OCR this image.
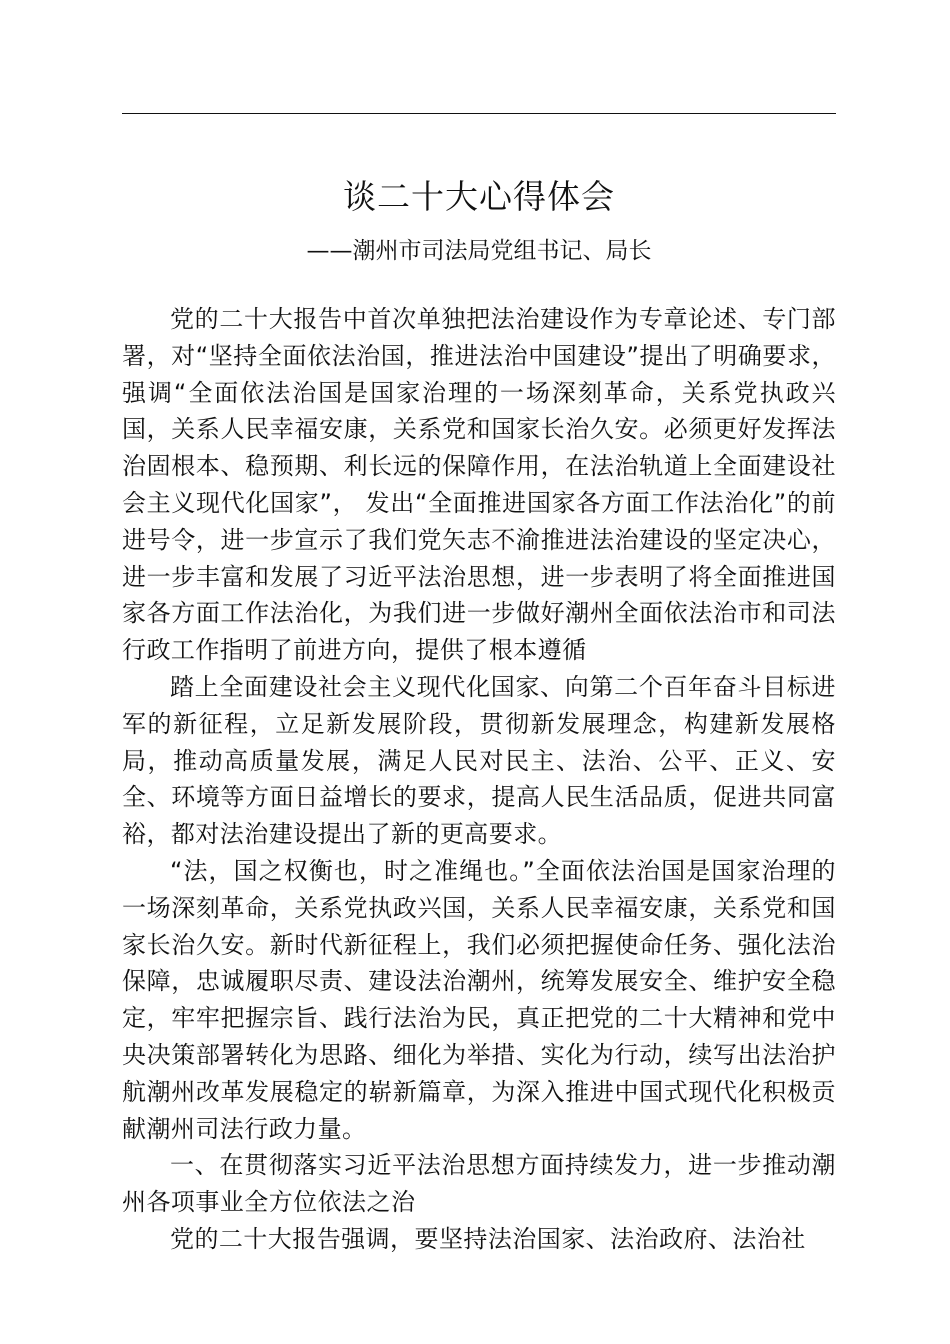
谈二十大心得体会
——潮州市司法局党组书记、局长

党的二十大报告中首次单独把法治建设作为专章论述、专门部署，对“坚持全面依法治国，推进法治中国建设”提出了明确要求，强调“全面依法治国是国家治理的一场深刻革命，关系党执政兴国，关系人民幸福安康，关系党和国家长治久安。必须更好发挥法治固根本、稳预期、利长远的保障作用，在法治轨道上全面建设社会主义现代化国家”， 发出“全面推进国家各方面工作法治化”的前进号令，进一步宣示了我们党矢志不渝推进法治建设的坚定决心，进一步丰富和发展了习近平法治思想，进一步表明了将全面推进国家各方面工作法治化，为我们进一步做好潮州全面依法治市和司法行政工作指明了前进方向，提供了根本遵循

踏上全面建设社会主义现代化国家、向第二个百年奋斗目标进军的新征程，立足新发展阶段，贯彻新发展理念，构建新发展格局，推动高质量发展，满足人民对民主、法治、公平、正义、安全、环境等方面日益增长的要求，提高人民生活品质，促进共同富裕，都对法治建设提出了新的更高要求。

“法，国之权衡也，时之准绳也。”全面依法治国是国家治理的一场深刻革命，关系党执政兴国，关系人民幸福安康，关系党和国家长治久安。新时代新征程上，我们必须把握使命任务、强化法治保障，忠诚履职尽责、建设法治潮州，统筹发展安全、维护安全稳定，牢牢把握宗旨、践行法治为民，真正把党的二十大精神和党中央决策部署转化为思路、细化为举措、实化为行动，续写出法治护航潮州改革发展稳定的崭新篇章，为深入推进中国式现代化积极贡献潮州司法行政力量。

一、在贯彻落实习近平法治思想方面持续发力，进一步推动潮州各项事业全方位依法之治

党的二十大报告强调，要坚持法治国家、法治政府、法治社
